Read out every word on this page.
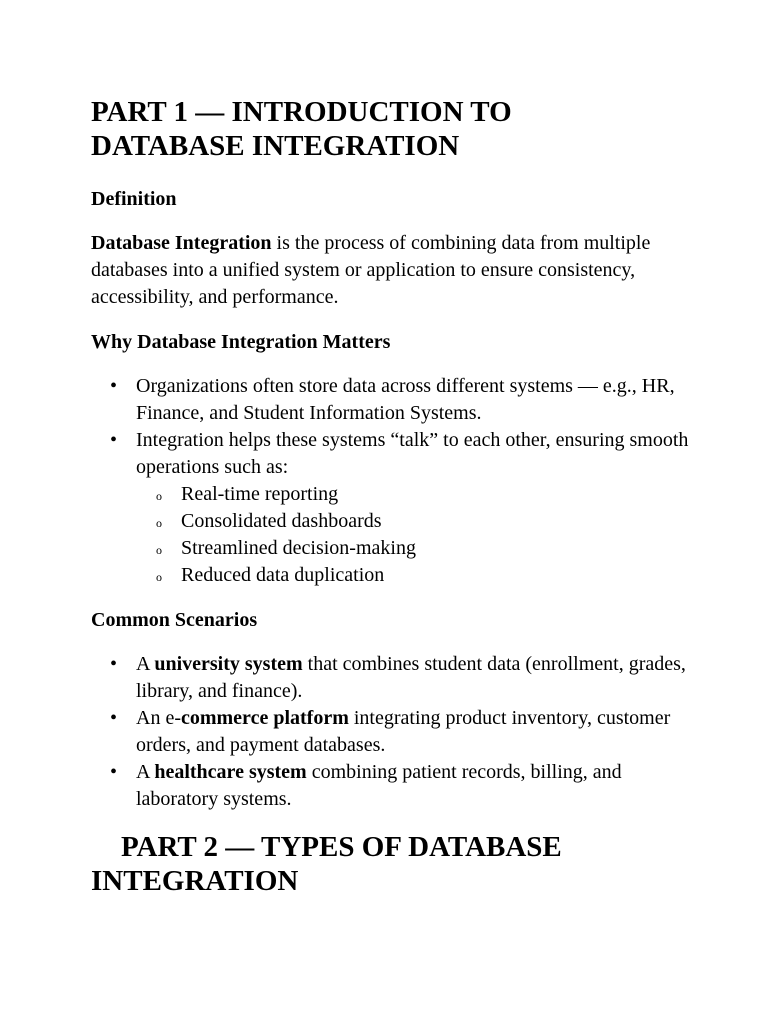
PART 1 — INTRODUCTION TO
DATABASE INTEGRATION
Definition

Database Integration is the process of combining data from multiple databases into a unified system or application to ensure consistency, accessibility, and performance.

Why Database Integration Matters
• Organizations often store data across different systems — e.g., HR, Finance, and Student Information Systems.
• Integration helps these systems “talk” to each other, ensuring smooth operations such as:
o Real-time reporting
o Consolidated dashboards
o Streamlined decision-making
o Reduced data duplication
Common Scenarios
• A university system that combines student data (enrollment, grades, library, and finance).
• An e-commerce platform integrating product inventory, customer orders, and payment databases.
• A healthcare system combining patient records, billing, and laboratory systems.
PART 2 — TYPES OF DATABASE
INTEGRATION
